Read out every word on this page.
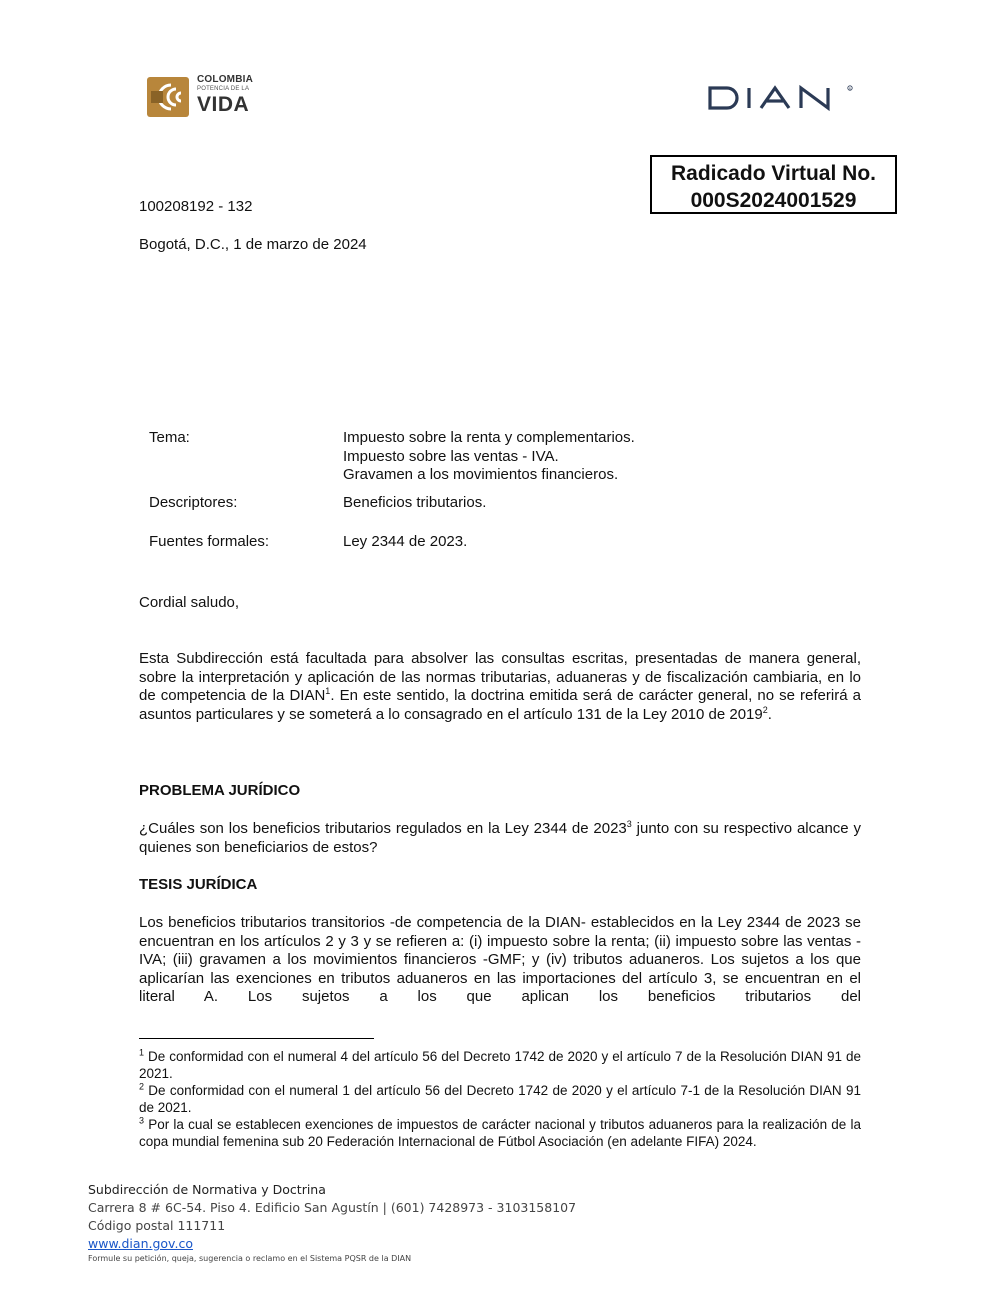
COLOMBIA
POTENCIA DE LA
VIDA
R
Radicado Virtual No.
000S2024001529
100208192 - 132
Bogotá, D.C., 1 de marzo de 2024
Tema:	Impuesto sobre la renta y complementarios.
Impuesto sobre las ventas - IVA.
Gravamen a los movimientos financieros.
Descriptores:	Beneficios tributarios.
Fuentes formales:	Ley 2344 de 2023.
Cordial saludo,
Esta Subdirección está facultada para absolver las consultas escritas, presentadas de manera general, sobre la interpretación y aplicación de las normas tributarias, aduaneras y de fiscalización cambiaria, en lo de competencia de la DIAN$^1$. En este sentido, la doctrina emitida será de carácter general, no se referirá a asuntos particulares y se someterá a lo consagrado en el artículo 131 de la Ley 2010 de 2019$^2$.
PROBLEMA JURÍDICO
¿Cuáles son los beneficios tributarios regulados en la Ley 2344 de 2023$^3$ junto con su respectivo alcance y quienes son beneficiarios de estos?
TESIS JURÍDICA
Los beneficios tributarios transitorios -de competencia de la DIAN- establecidos en la Ley 2344 de 2023 se encuentran en los artículos 2 y 3 y se refieren a: (i) impuesto sobre la renta; (ii) impuesto sobre las ventas -IVA; (iii) gravamen a los movimientos financieros -GMF; y (iv) tributos aduaneros. Los sujetos a los que aplicarían las exenciones en tributos aduaneros en las importaciones del artículo 3, se encuentran en el literal A. Los sujetos a los que aplican los beneficios tributarios del
$^1$ De conformidad con el numeral 4 del artículo 56 del Decreto 1742 de 2020 y el artículo 7 de la Resolución DIAN 91 de 2021.
$^2$ De conformidad con el numeral 1 del artículo 56 del Decreto 1742 de 2020 y el artículo 7-1 de la Resolución DIAN 91 de 2021.
$^3$ Por la cual se establecen exenciones de impuestos de carácter nacional y tributos aduaneros para la realización de la copa mundial femenina sub 20 Federación Internacional de Fútbol Asociación (en adelante FIFA) 2024.
Subdirección de Normativa y Doctrina
Carrera 8 # 6C-54. Piso 4. Edificio San Agustín | (601) 7428973 - 3103158107
Código postal 111711
www.dian.gov.co
Formule su petición, queja, sugerencia o reclamo en el Sistema PQSR de la DIAN
